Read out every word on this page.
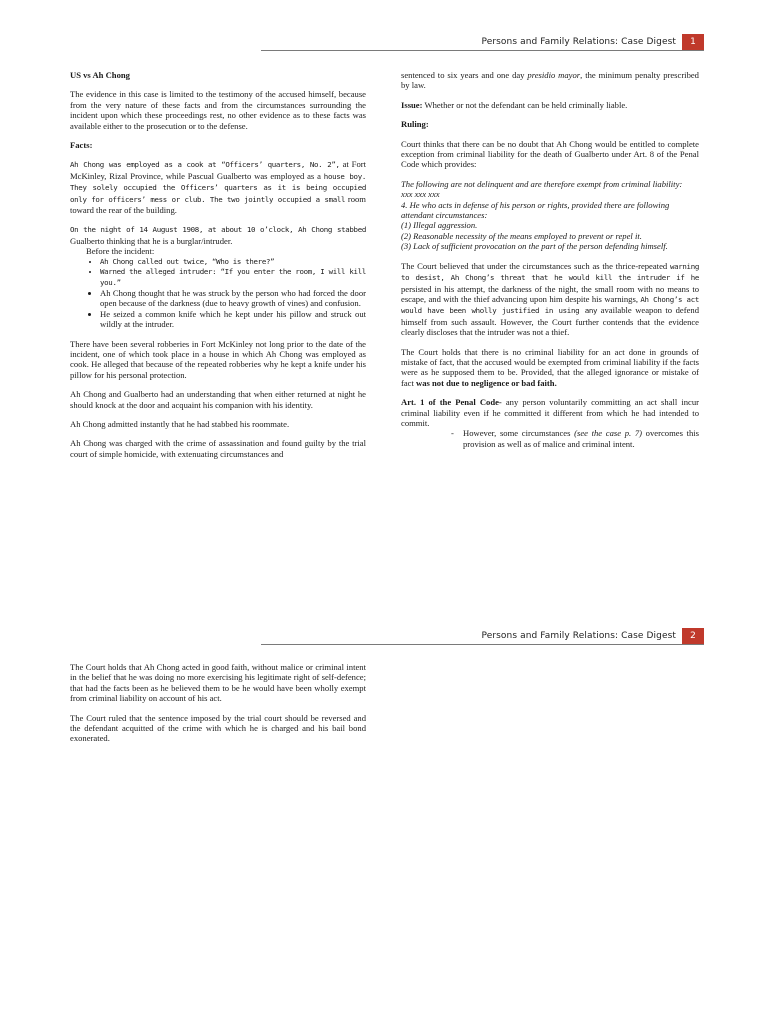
Persons and Family Relations: Case Digest	1

US vs Ah Chong

The evidence in this case is limited to the testimony of the accused himself, because from the very nature of these facts and from the circumstances surrounding the incident upon which these proceedings rest, no other evidence as to these facts was available either to the prosecution or to the defense.

Facts:

Ah Chong was employed as a cook at “Officers’ quarters, No. 2”, at Fort McKinley, Rizal Province, while Pascual Gualberto was employed as a house boy. They solely occupied the Officers’ quarters as it is being occupied only for officers’ mess or club. The two jointly occupied a small room toward the rear of the building.

On the night of 14 August 1908, at about 10 o’clock, Ah Chong stabbed Gualberto thinking that he is a burglar/intruder.
Before the incident:
• Ah Chong called out twice, “Who is there?”
• Warned the alleged intruder: “If you enter the room, I will kill you.”
• Ah Chong thought that he was struck by the person who had forced the door open because of the darkness (due to heavy growth of vines) and confusion.
• He seized a common knife which he kept under his pillow and struck out wildly at the intruder.

There have been several robberies in Fort McKinley not long prior to the date of the incident, one of which took place in a house in which Ah Chong was employed as cook. He alleged that because of the repeated robberies why he kept a knife under his pillow for his personal protection.

Ah Chong and Gualberto had an understanding that when either returned at night he should knock at the door and acquaint his companion with his identity.

Ah Chong admitted instantly that he had stabbed his roommate.

Ah Chong was charged with the crime of assassination and found guilty by the trial court of simple homicide, with extenuating circumstances and

sentenced to six years and one day presidio mayor, the minimum penalty prescribed by law.

Issue: Whether or not the defendant can be held criminally liable.

Ruling:

Court thinks that there can be no doubt that Ah Chong would be entitled to complete exception from criminal liability for the death of Gualberto under Art. 8 of the Penal Code which provides:

The following are not delinquent and are therefore exempt from criminal liability:
xxx xxx xxx
4. He who acts in defense of his person or rights, provided there are following attendant circumstances:
(1) Illegal aggression.
(2) Reasonable necessity of the means employed to prevent or repel it.
(3) Lack of sufficient provocation on the part of the person defending himself.

The Court believed that under the circumstances such as the thrice-repeated warning to desist, Ah Chong’s threat that he would kill the intruder if he persisted in his attempt, the darkness of the night, the small room with no means to escape, and with the thief advancing upon him despite his warnings, Ah Chong’s act would have been wholly justified in using any available weapon to defend himself from such assault. However, the Court further contends that the evidence clearly discloses that the intruder was not a thief.

The Court holds that there is no criminal liability for an act done in grounds of mistake of fact, that the accused would be exempted from criminal liability if the facts were as he supposed them to be. Provided, that the alleged ignorance or mistake of fact was not due to negligence or bad faith.

Art. 1 of the Penal Code- any person voluntarily committing an act shall incur criminal liability even if he committed it different from which he had intended to commit.
-	However, some circumstances (see the case p. 7) overcomes this provision as well as of malice and criminal intent.
Persons and Family Relations: Case Digest	2

The Court holds that Ah Chong acted in good faith, without malice or criminal intent in the belief that he was doing no more exercising his legitimate right of self-defence; that had the facts been as he believed them to be he would have been wholly exempt from criminal liability on account of his act.

The Court ruled that the sentence imposed by the trial court should be reversed and the defendant acquitted of the crime with which he is charged and his bail bond exonerated.
